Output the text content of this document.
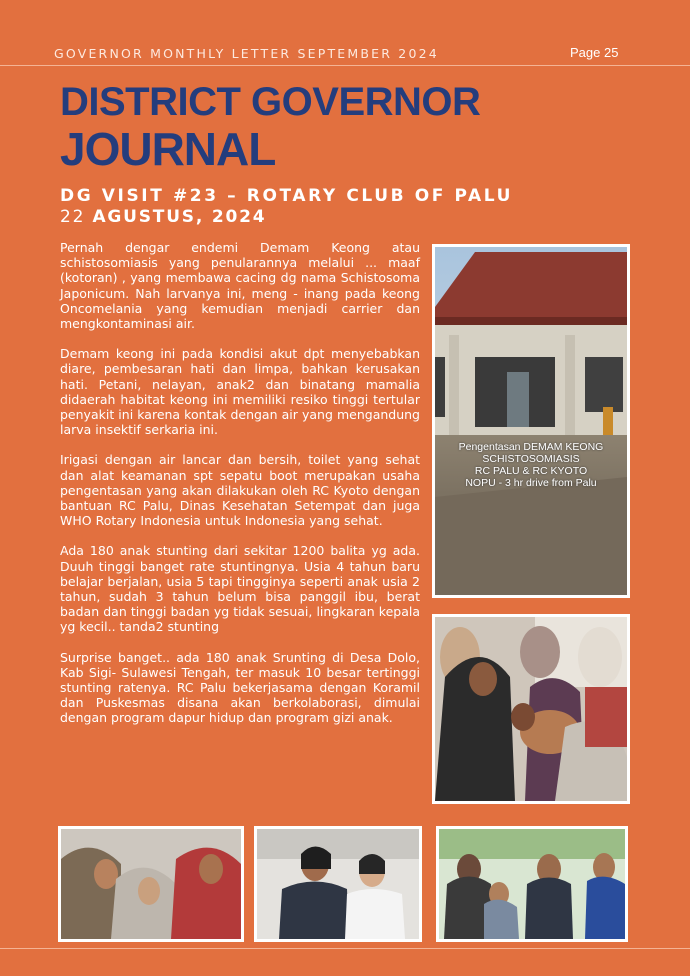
GOVERNOR MONTHLY LETTER SEPTEMBER 2024	Page 25
DISTRICT GOVERNOR
JOURNAL
DG VISIT #23 – ROTARY CLUB OF PALU
22 AGUSTUS, 2024

Pernah dengar endemi Demam Keong atau schistosomiasis yang penularannya melalui ... maaf (kotoran) , yang membawa cacing dg nama Schistosoma Japonicum. Nah larvanya ini, meng - inang pada keong Oncomelania yang kemudian menjadi carrier dan mengkontaminasi air.

Demam keong ini pada kondisi akut dpt menyebabkan diare, pembesaran hati dan limpa, bahkan kerusakan hati. Petani, nelayan, anak2 dan binatang mamalia didaerah habitat keong ini memiliki resiko tinggi tertular penyakit ini karena kontak dengan air yang mengandung larva insektif serkaria ini.

Irigasi dengan air lancar dan bersih, toilet yang sehat dan alat keamanan spt sepatu boot merupakan usaha pengentasan yang akan dilakukan oleh RC Kyoto dengan bantuan RC Palu, Dinas Kesehatan Setempat dan juga WHO Rotary Indonesia untuk Indonesia yang sehat.

Ada 180 anak stunting dari sekitar 1200 balita yg ada. Duuh tinggi banget rate stuntingnya. Usia 4 tahun baru belajar berjalan, usia 5 tapi tingginya seperti anak usia 2 tahun, sudah 3 tahun belum bisa panggil ibu, berat badan dan tinggi badan yg tidak sesuai, lingkaran kepala yg kecil.. tanda2 stunting

Surprise banget.. ada 180 anak Srunting di Desa Dolo, Kab Sigi- Sulawesi Tengah, ter masuk 10 besar tertinggi stunting ratenya. RC Palu bekerjasama dengan Koramil dan Puskesmas disana akan berkolaborasi, dimulai dengan program dapur hidup dan program gizi anak.

Pengentasan DEMAM KEONG
SCHISTOSOMIASIS
RC PALU & RC KYOTO
NOPU - 3 hr drive from Palu
